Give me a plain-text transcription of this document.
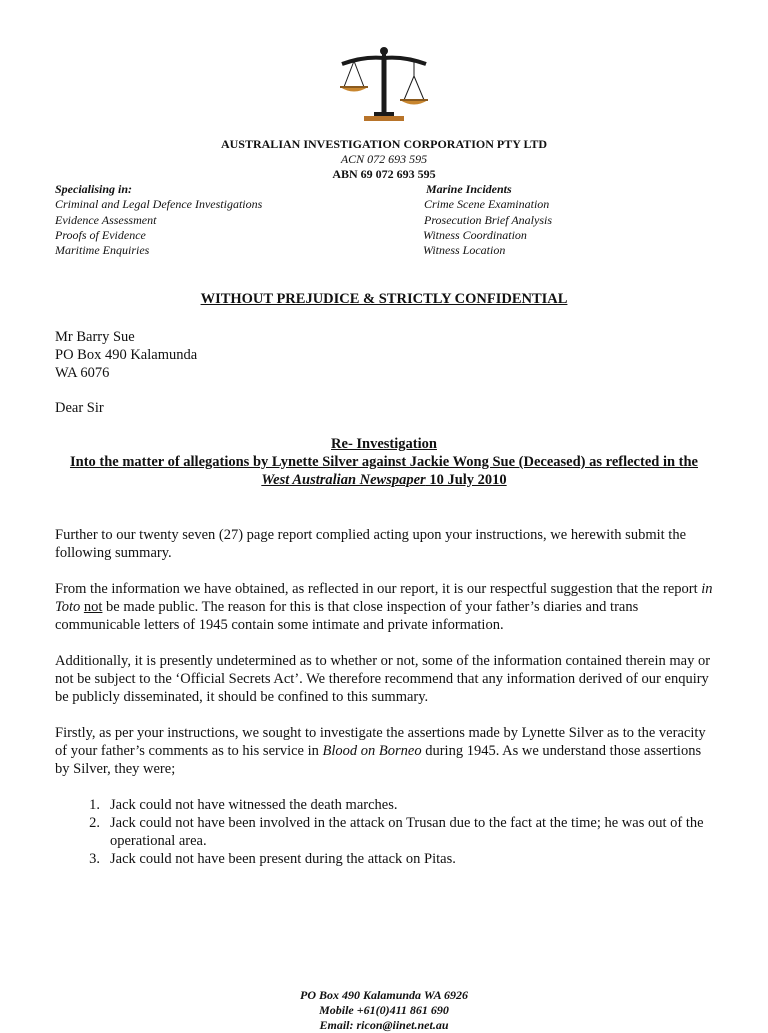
AUSTRALIAN INVESTIGATION CORPORATION PTY LTD
ACN 072 693 595
ABN 69 072 693 595
Specialising in:
Criminal and Legal Defence Investigations
Evidence Assessment
Proofs of Evidence
Maritime Enquiries
Marine Incidents
Crime Scene Examination
Prosecution Brief Analysis
Witness Coordination
Witness Location
WITHOUT PREJUDICE & STRICTLY CONFIDENTIAL
Mr Barry Sue
PO Box 490 Kalamunda
WA 6076
Dear Sir
Re- Investigation
Into the matter of allegations by Lynette Silver against Jackie Wong Sue (Deceased) as reflected in the West Australian Newspaper 10 July 2010

Further to our twenty seven (27) page report complied acting upon your instructions, we herewith submit the following summary.

From the information we have obtained, as reflected in our report, it is our respectful suggestion that the report in Toto not be made public. The reason for this is that close inspection of your father’s diaries and trans communicable letters of 1945 contain some intimate and private information.

Additionally, it is presently undetermined as to whether or not, some of the information contained therein may or not be subject to the ‘Official Secrets Act’. We therefore recommend that any information derived of our enquiry be publicly disseminated, it should be confined to this summary.

Firstly, as per your instructions, we sought to investigate the assertions made by Lynette Silver as to the veracity of your father’s comments as to his service in Blood on Borneo during 1945. As we understand those assertions by Silver, they were;

1. Jack could not have witnessed the death marches.
2. Jack could not have been involved in the attack on Trusan due to the fact at the time; he was out of the operational area.
3. Jack could not have been present during the attack on Pitas.
PO Box 490 Kalamunda WA 6926
Mobile +61(0)411 861 690
Email: ricon@iinet.net.au
